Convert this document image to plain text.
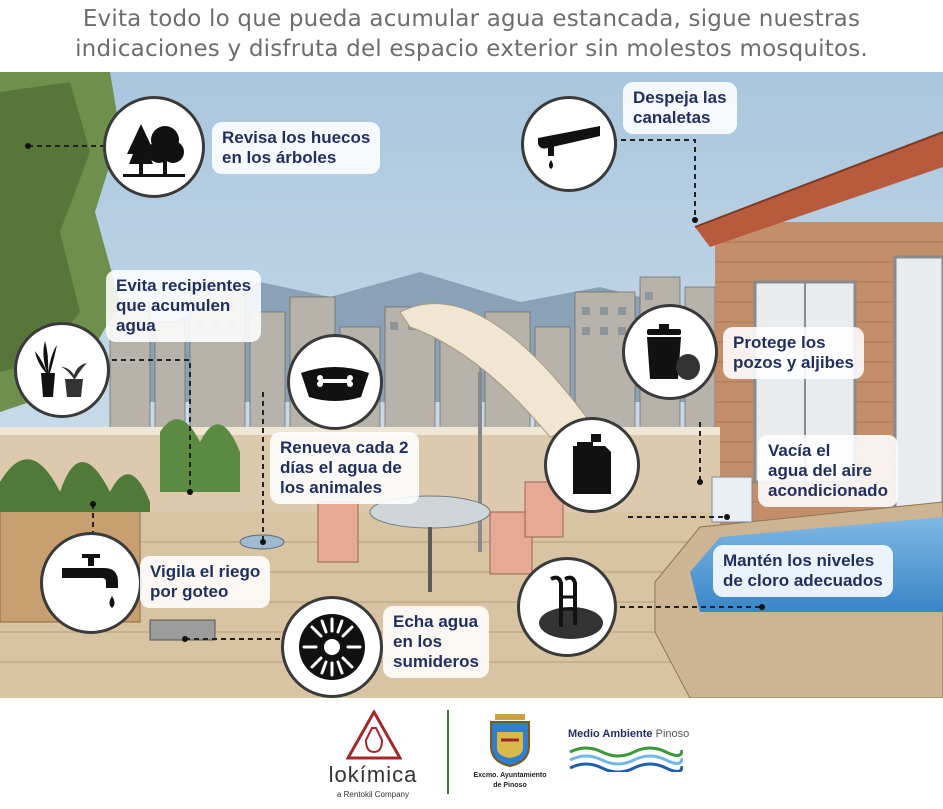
Evita todo lo que pueda acumular agua estancada, sigue nuestras
indicaciones y disfruta del espacio exterior sin molestos mosquitos.
Revisa los huecos
en los árboles
Despeja las
canaletas
Evita recipientes
que acumulen
agua
Protege los
pozos y aljibes
Renueva cada 2
días el agua de
los animales
Vacía el
agua del aire
acondicionado
Mantén los niveles
de cloro adecuados
Vigila el riego
por goteo
Echa agua
en los
sumideros
lokímica
a Rentokil Company
Excmo. Ayuntamiento
de Pinoso
Medio Ambiente Pinoso
